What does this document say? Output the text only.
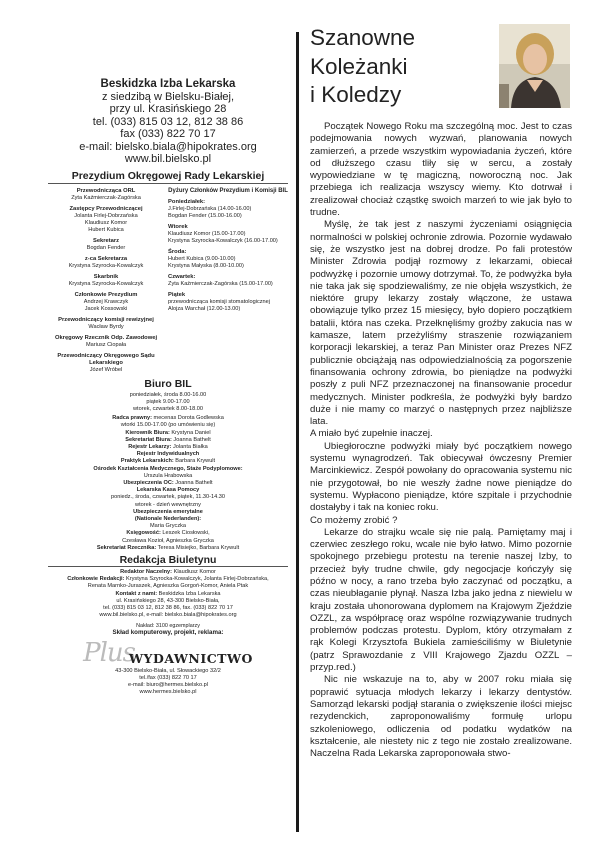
Beskidzka Izba Lekarska
z siedzibą w Bielsku-Białej,
przy ul. Krasińskiego 28
tel. (033) 815 03 12, 812 38 86
fax (033) 822 70 17
e-mail: bielsko.biala@hipokrates.org
www.bil.bielsko.pl
Prezydium Okręgowej Rady Lekarskiej
Przewodnicząca ORL
Zyta Kaźmierczak-Zagórska
Zastępcy Przewodniczącej
Jolanta Firlej-Dobrzańska
Klaudiusz Komor
Hubert Kubica
Sekretarz
Bogdan Fender
z-ca Sekretarza
Krystyna Szyrocka-Kowalczyk
Skarbnik
Krystyna Szyrocka-Kowalczyk
Członkowie Prezydium
Andrzej Krawczyk
Jacek Kossowski
Przewodniczący komisji rewizyjnej
Wacław Byrdy
Okręgowy Rzecznik Odp. Zawodowej
Mariusz Ciopała
Przewodniczący Okręgowego Sądu Lekarskiego
Józef Wróbel
Dyżury Członków Prezydium i Komisji BIL
Poniedziałek:
J.Firlej-Dobrzańska (14.00-16.00)
Bogdan Fender (15.00-16.00)
Wtorek
Klaudiusz Komor (15.00-17.00)
Krystyna Szyrocka-Kowalczyk (16.00-17.00)
Środa:
Hubert Kubica (9.00-10.00)
Krystyna Małyska (8.00-10.00)
Czwartek:
Zyta Kaźmierczak-Zagórska (15.00-17.00)
Piątek
przewodnicząca komisji stomatologicznej
Alojza Warchał (12.00-13.00)
Biuro BIL
poniedziałek, środa 8.00-16.00
piątek 9.00-17.00
wtorek, czwartek 8.00-18.00
Radca prawny: mecenas Dorota Godlewska
wtorki 15.00-17.00 (po umówieniu się)
Kierownik Biura: Krystyna Daniel
Sekretariat Biura: Joanna Bathelt
Rejestr Lekarzy: Jolanta Białka
Rejestr Indywidualnych
Praktyk Lekarskich: Barbara Krywult
Ośrodek Kształcenia Medycznego, Staże Podyplomowe:
Urszula Hrabowska
Ubezpieczenia OC: Joanna Bathelt
Lekarska Kasa Pomocy
poniedz., środa, czwartek, piątek, 11.30-14.30
wtorek - dzień wewnętrzny
Ubezpieczenia emerytalne
(Nationale Nederlanden):
Maria Gryczka
Księgowość: Leszek Ciosłowski,
Czesława Kozioł, Agnieszka Gryczka
Sekretariat Rzecznika: Teresa Misiejko, Barbara Krywult
Redakcja Biuletynu
Redaktor Naczelny: Klaudiusz Komor
Członkowie Redakcji: Krystyna Szyrocka-Kowalczyk, Jolanta Firlej-Dobrzańska,
Renata Marnko-Juraszek, Agnieszka Gorgoń-Komor, Aniela Ptak
Kontakt z nami: Beskidzka Izba Lekarska
ul. Krasińskiego 28, 43-300 Bielsko-Biała,
tel. (033) 815 03 12, 812 38 86, fax. (033) 822 70 17
www.bil.bielsko.pl, e-mail: bielsko.biala@hipokrates.org
Nakład: 3100 egzemplarzy
Skład komputerowy, projekt, reklama:
Plus
WYDAWNICTWO
43-300 Bielsko-Biała, ul. Słowackiego 32/2
tel./fax (033) 822 70 17
e-mail: biuro@hermes.bielsko.pl
www.hermes.bielsko.pl
Szanowne
Koleżanki
i Koledzy

Początek Nowego Roku ma szczególną moc. Jest to czas podejmowania nowych wyzwań, planowania nowych zamierzeń, a przede wszystkim wypowiadania życzeń, które od dłuższego czasu tliły się w sercu, a zostały wypowiedziane w tę magiczną, noworoczną noc. Jak przebiega ich realizacja wszyscy wiemy. Kto dotrwał i zrealizował chociaż cząstkę swoich marzeń to wie jak było to trudne.

Myślę, że tak jest z naszymi życzeniami osiągnięcia normalności w polskiej ochronie zdrowia. Pozornie wydawało się, że wszystko jest na dobrej drodze. Po fali protestów Minister Zdrowia podjął rozmowy z lekarzami, obiecał podwyżkę i pozornie umowy dotrzymał. To, że podwyżka była nie taka jak się spodziewaliśmy, ze nie objęła wszystkich, że niektóre grupy lekarzy zostały włączone, że ustawa obowiązuje tylko przez 15 miesięcy, było dopiero początkiem batalii, która nas czeka. Przełknęliśmy groźby zakucia nas w kamasze, latem przeżyliśmy straszenie rozwiązaniem korporacji lekarskiej, a teraz Pan Minister oraz Prezes NFZ publicznie obciążają nas odpowiedzialnością za pogorszenie finansowania ochrony zdrowia, bo pieniądze na podwyżki poszły z puli NFZ przeznaczonej na finansowanie procedur medycznych. Minister podkreśla, że podwyżki były bardzo duże i nie mamy co marzyć o następnych przez najbliższe lata.

A miało być zupełnie inaczej.

Ubiegłoroczne podwyżki miały być początkiem nowego systemu wynagrodzeń. Tak obiecywał ówczesny Premier Marcinkiewicz. Zespół powołany do opracowania systemu nic nie przygotował, bo nie weszły żadne nowe pieniądze do systemu. Wypłacono pieniądze, które szpitale i przychodnie dostałyby i tak na koniec roku.

Co możemy zrobić ?

Lekarze do strajku wcale się nie palą. Pamiętamy maj i czerwiec zeszłego roku, wcale nie było łatwo. Mimo pozornie spokojnego przebiegu protestu na terenie naszej Izby, to przecież były trudne chwile, gdy negocjacje kończyły się późno w nocy, a rano trzeba było zaczynać od początku, a czas nieubłaganie płynął. Nasza Izba jako jedna z niewielu w kraju została uhonorowana dyplomem na Krajowym Zjeździe OZZL, za współpracę oraz wspólne rozwiązywanie trudnych problemów podczas protestu. Dyplom, który otrzymałam z rąk Kolegi Krzysztofa Bukiela zamieściliśmy w Biuletynie (patrz Sprawozdanie z VIII Krajowego Zjazdu OZZL – przyp.red.)

Nic nie wskazuje na to, aby w 2007 roku miała się poprawić sytuacja młodych lekarzy i lekarzy dentystów. Samorząd lekarski podjął starania o zwiększenie ilości miejsc rezydenckich, zaproponowaliśmy formułę urlopu szkoleniowego, odliczenia od podatku wydatków na kształcenie, ale niestety nic z tego nie zostało zrealizowane. Naczelna Rada Lekarska zaproponowała stwo-
